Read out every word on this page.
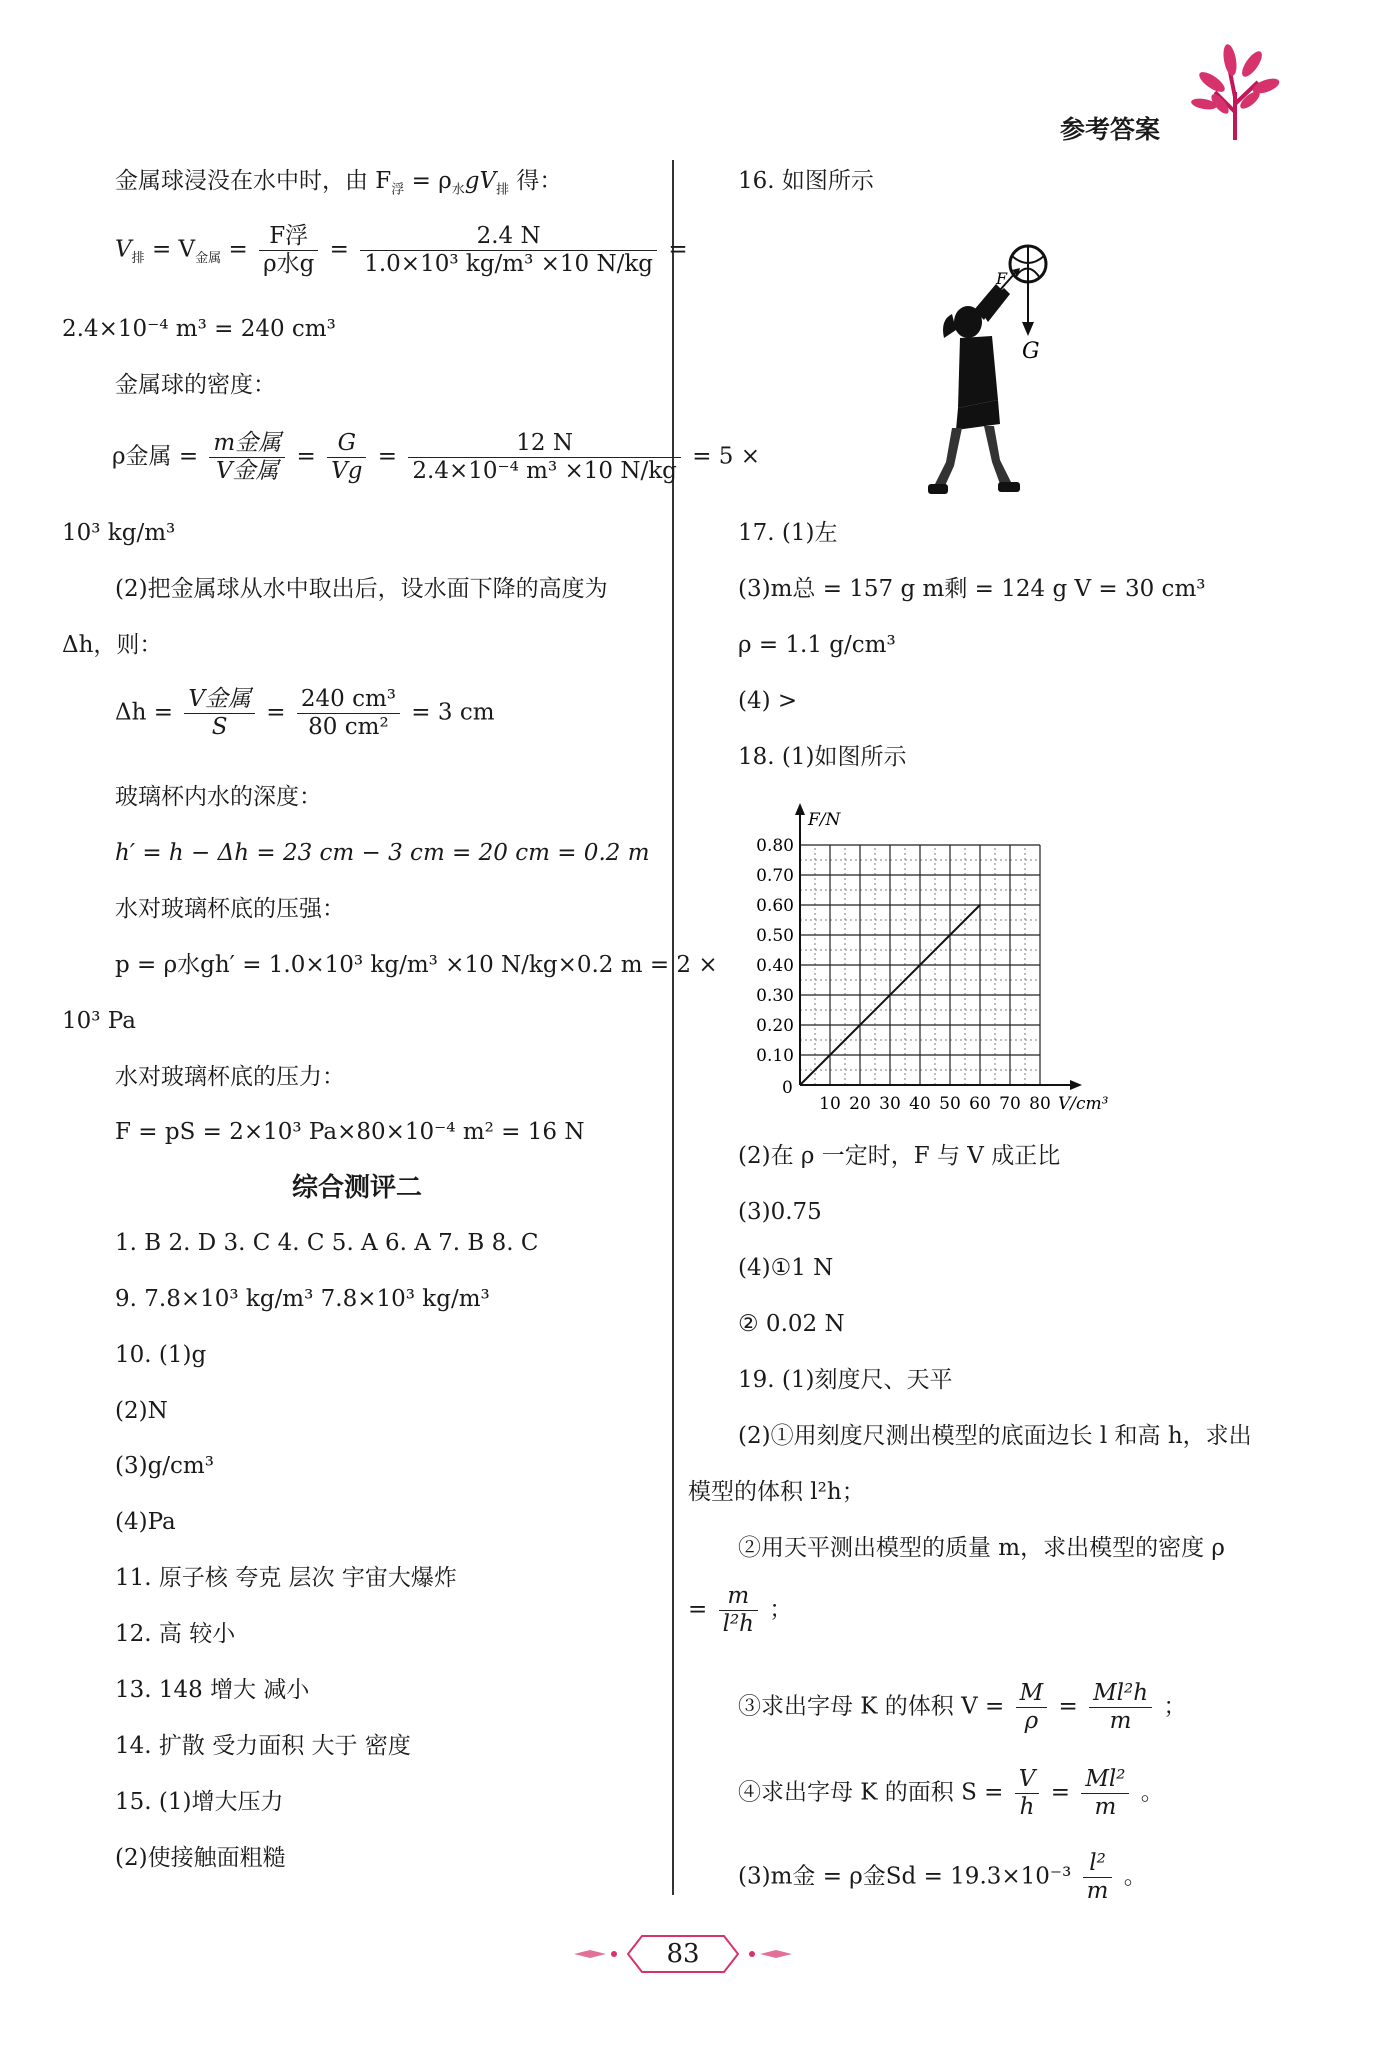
参考答案
金属球浸没在水中时，由 $F_浮 = \rho_水gV_排$ 得：
$V_排 = V_{金属} = \frac{\text{F浮}}{\text{ρ水g}} = \frac{2.4 N}{\text{1.0×10³ kg/m³ ×10 N/kg}}$ =
2.4×10⁻⁴ m³ = 240 cm³
金属球的密度：
ρ金属 = $\frac{\text{m金属}}{\text{V金属}} = \frac{G}{Vg} = \frac{12 N}{\text{2.4×10⁻⁴ m³ ×10 N/kg}} = 5$ ×
10³ kg/m³
(2)把金属球从水中取出后，设水面下降的高度为
Δh，则：
$\Delta h = \frac{\text{V金属}}{S} = \frac{\text{240 cm³}}{\text{80 cm²}} = 3$ cm
玻璃杯内水的深度：
h′ = h − Δh = 23 cm − 3 cm = 20 cm = 0.2 m
水对玻璃杯底的压强：
p = ρ水gh′ = 1.0×10³ kg/m³ ×10 N/kg×0.2 m = 2 ×
10³ Pa
水对玻璃杯底的压力：
F = pS = 2×10³ Pa×80×10⁻⁴ m² = 16 N
综合测评二
1. B 2. D 3. C 4. C 5. A 6. A 7. B 8. C
9. 7.8×10³ kg/m³ 7.8×10³ kg/m³
10. (1)g
(2)N
(3)g/cm³
(4)Pa
11. 原子核 夸克 层次 宇宙大爆炸
12. 高 较小
13. 148 增大 减小
14. 扩散 受力面积 大于 密度
15. (1)增大压力
(2)使接触面粗糙
16. 如图所示
F
G
17. (1)左
(3)m总 = 157 g m剩 = 124 g V = 30 cm³
ρ = 1.1 g/cm³
(4) >
18. (1)如图所示
10 20 30 40 50 60 70 80
0.80
0.70
0.60
0.50
0.40
0.30
0.20
0.10
0
V/cm³
F/N
(2)在 ρ 一定时，F 与 V 成正比
(3)0.75
(4)①1 N
② 0.02 N
19. (1)刻度尺、天平
(2)①用刻度尺测出模型的底面边长 l 和高 h，求出
模型的体积 l²h；
②用天平测出模型的质量 m，求出模型的密度 ρ
= $\frac{m}{\text{l²h}}$ ；
③求出字母 K 的体积 $V = \frac{M}{\rho} = \frac{\text{Ml²h}}{m}$ ；
④求出字母 K 的面积 $S = \frac{V}{h} = \frac{\text{Ml²}}{m}$ 。
(3)m金 = ρ金$Sd = 19.3\times 10^{-3} \frac{\text{l²}}{m}$ 。
83
